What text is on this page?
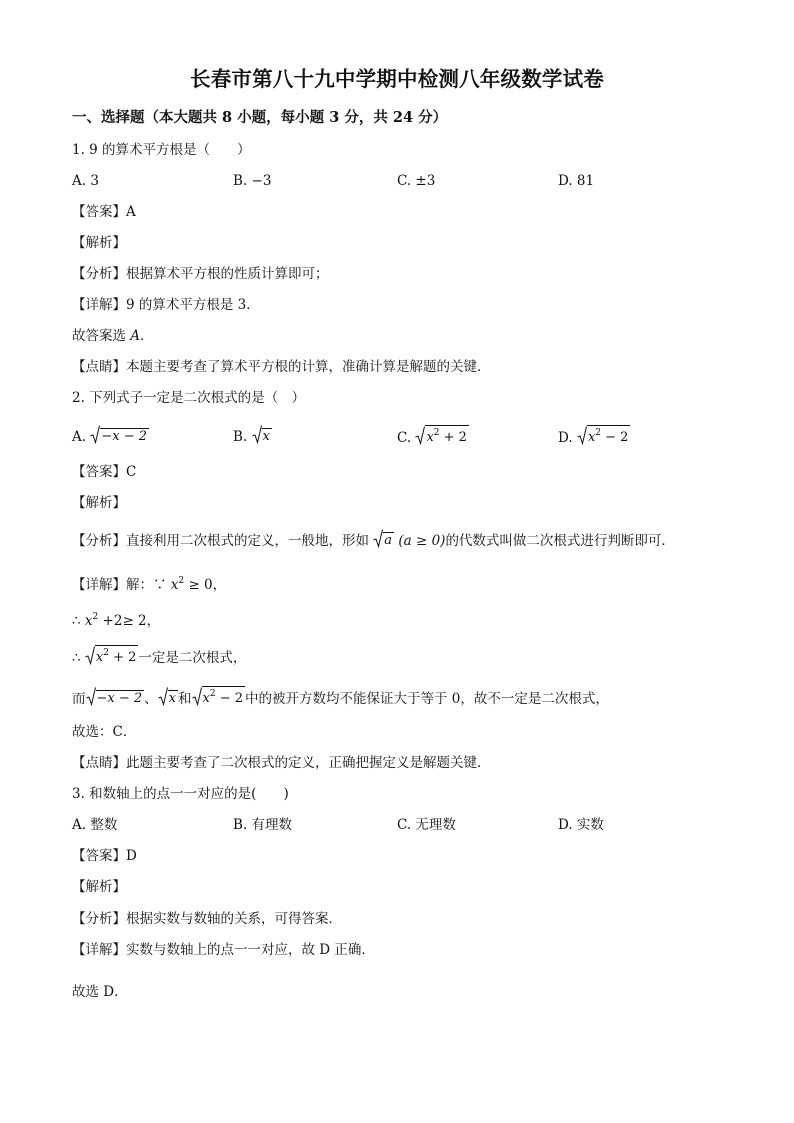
长春市第八十九中学期中检测八年级数学试卷
一、选择题（本大题共 8 小题，每小题 3 分，共 24 分）
1. 9 的算术平方根是（　　）
A. 3	B. −3	C. ±3	D. 81
【答案】A
【解析】
【分析】根据算术平方根的性质计算即可；
【详解】9 的算术平方根是 3．
故答案选 A．
【点睛】本题主要考查了算术平方根的计算，准确计算是解题的关键．
2. 下列式子一定是二次根式的是（　）
A. −x − 2	B. x	C. $x^2 + 2$	D. $x^2 - 2$
【答案】C
【解析】
【分析】直接利用二次根式的定义，一般地，形如 a (a ≥ 0)的代数式叫做二次根式进行判断即可．
【详解】解：∵ $x^2 \ge 0$，
∴ $x^2 +2\ge 2$，
∴ $x^2 + 2$ 一定是二次根式，
而 −x − 2 、 x 和 $x^2 - 2$ 中的被开方数均不能保证大于等于 0，故不一定是二次根式，
故选：C．
【点睛】此题主要考查了二次根式的定义，正确把握定义是解题关键．
3. 和数轴上的点一一对应的是(　　)
A. 整数	B. 有理数	C. 无理数	D. 实数
【答案】D
【解析】
【分析】根据实数与数轴的关系，可得答案．
【详解】实数与数轴上的点一一对应，故 D 正确．
故选 D．
